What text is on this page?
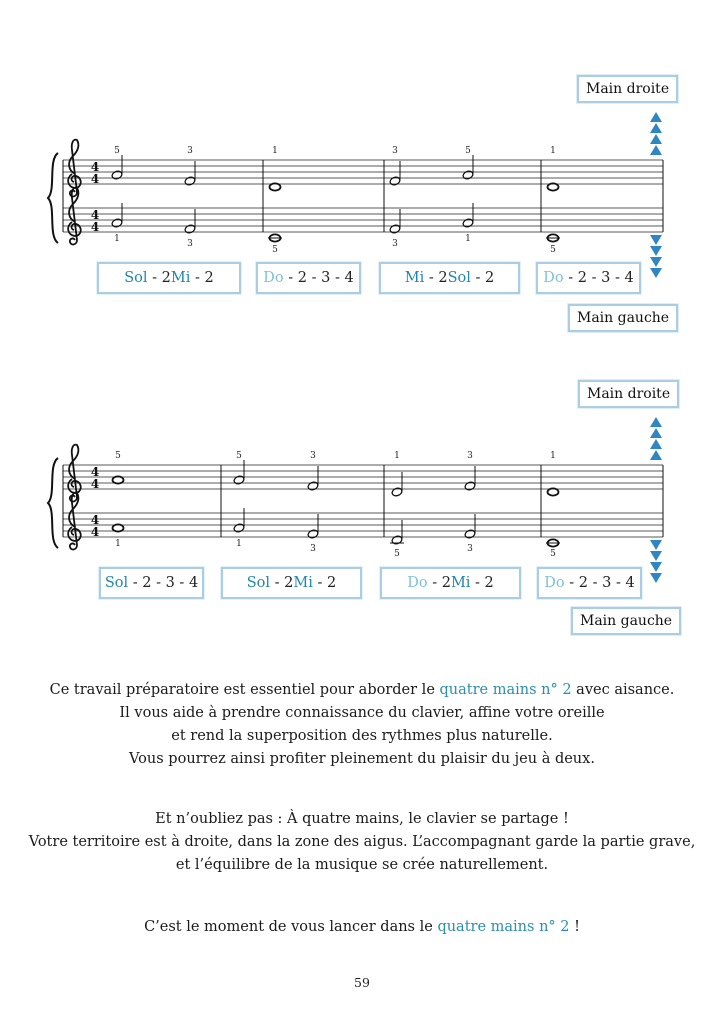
Main droite
Main gauche
Main droite
Main gauche
Sol - 2 Mi - 2	Do - 2 - 3 - 4	Mi - 2 Sol - 2	Do - 2 - 3 - 4
Sol - 2 - 3 - 4	Sol - 2 Mi - 2	Do - 2 Mi - 2	Do - 2 - 3 - 4
4
4
4
4
5	3	1	3	5	1
1	3
5
3	1
5
4
4
4
4
5	5	3	1	3	1
1	1	3	5	3	5
Ce travail préparatoire est essentiel pour aborder le quatre mains n° 2 avec aisance.
Il vous aide à prendre connaissance du clavier, affine votre oreille
et rend la superposition des rythmes plus naturelle.
Vous pourrez ainsi profiter pleinement du plaisir du jeu à deux.
Et n’oubliez pas : À quatre mains, le clavier se partage !
Votre territoire est à droite, dans la zone des aigus. L’accompagnant garde la partie grave,
et l’équilibre de la musique se crée naturellement.
C’est le moment de vous lancer dans le quatre mains n° 2 !
59
